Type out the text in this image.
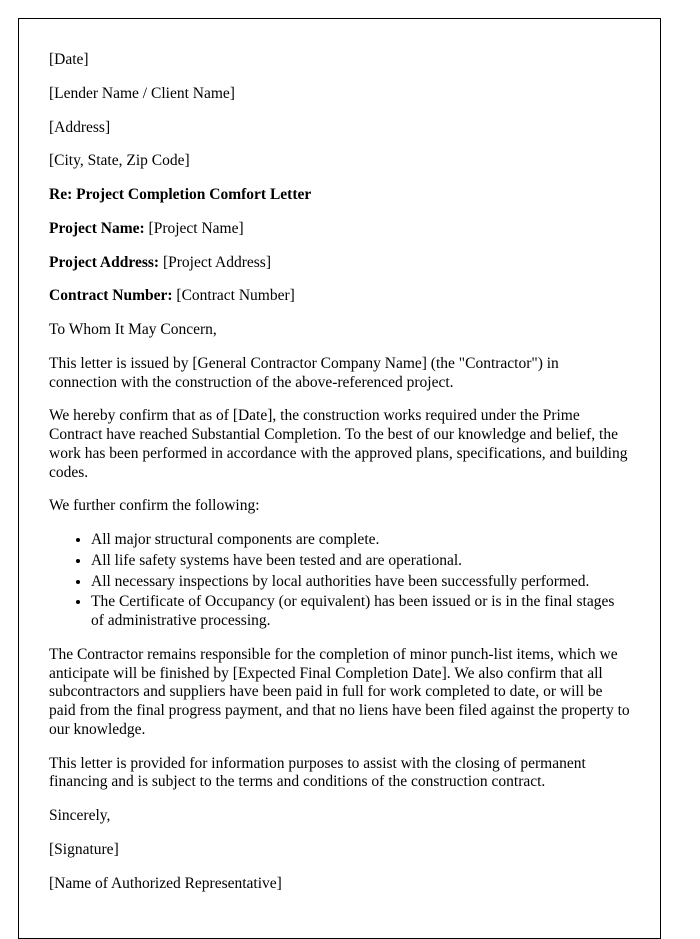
[Date]

[Lender Name / Client Name]

[Address]

[City, State, Zip Code]

Re: Project Completion Comfort Letter

Project Name: [Project Name]

Project Address: [Project Address]

Contract Number: [Contract Number]

To Whom It May Concern,

This letter is issued by [General Contractor Company Name] (the "Contractor") in connection with the construction of the above-referenced project.

We hereby confirm that as of [Date], the construction works required under the Prime Contract have reached Substantial Completion. To the best of our knowledge and belief, the work has been performed in accordance with the approved plans, specifications, and building codes.

We further confirm the following:

• All major structural components are complete.
• All life safety systems have been tested and are operational.
• All necessary inspections by local authorities have been successfully performed.
• The Certificate of Occupancy (or equivalent) has been issued or is in the final stages of administrative processing.

The Contractor remains responsible for the completion of minor punch-list items, which we anticipate will be finished by [Expected Final Completion Date]. We also confirm that all subcontractors and suppliers have been paid in full for work completed to date, or will be paid from the final progress payment, and that no liens have been filed against the property to our knowledge.

This letter is provided for information purposes to assist with the closing of permanent financing and is subject to the terms and conditions of the construction contract.

Sincerely,

[Signature]

[Name of Authorized Representative]
